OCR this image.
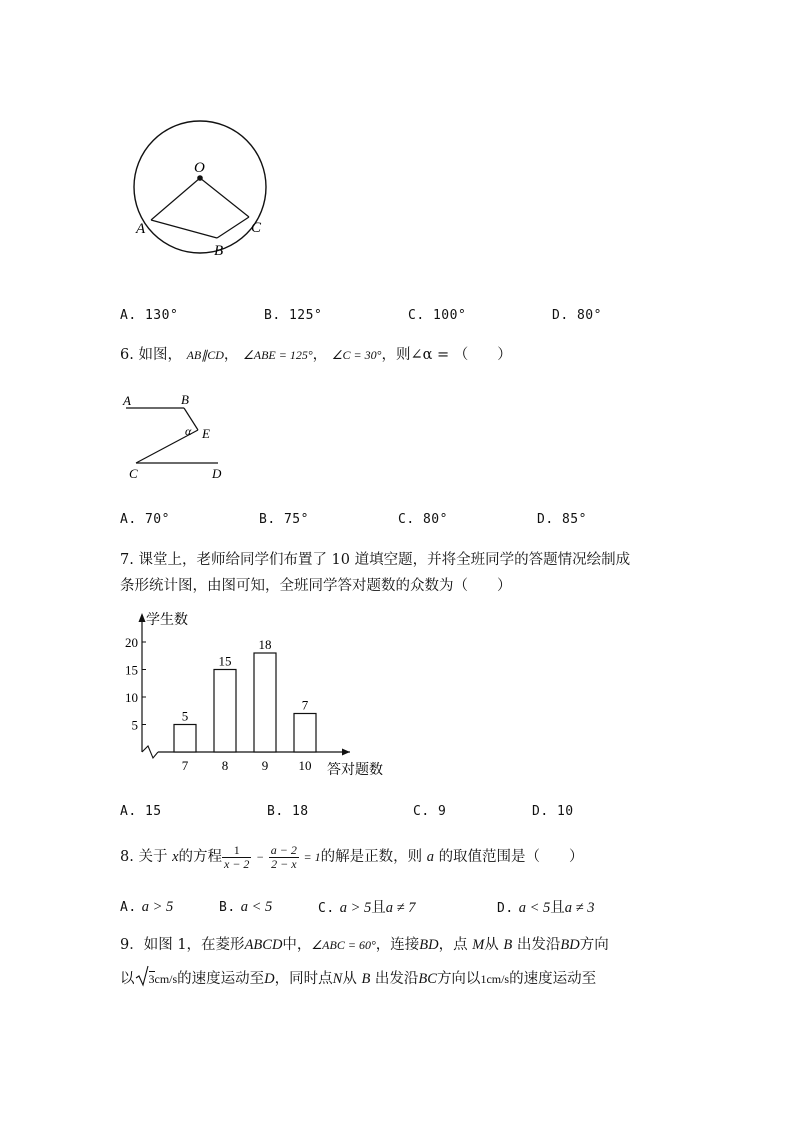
O
A
B
C
A. 130°	B. 125°	C. 100°	D. 80°
6. 如图， AB∥CD， ∠ABE = 125°， ∠C = 30°，则∠α = （　　）
A	B
E
α
C	D
A. 70°	B. 75°	C. 80°	D. 85°
7. 课堂上，老师给同学们布置了 10 道填空题，并将全班同学的答题情况绘制成
条形统计图，由图可知，全班同学答对题数的众数为（　　）
学生数
答对题数
5
10
15
20
5
7
15
8
18
9
7
10
A. 15	B. 18	C. 9	D. 10
8. 关于 x的方程 $\frac{1}{x - 2} - \frac{a - 2}{2 - x} = 1$的解是正数，则 a 的取值范围是（　　）
A. a > 5	B. a < 5	C. a > 5且a ≠ 7	D. a < 5且a ≠ 3
9．如图 1，在菱形ABCD中，∠ABC = 60°，连接BD，点 M从 B 出发沿BD方向
以 3cm/s的速度运动至D，同时点N从 B 出发沿BC方向以1cm/s的速度运动至
